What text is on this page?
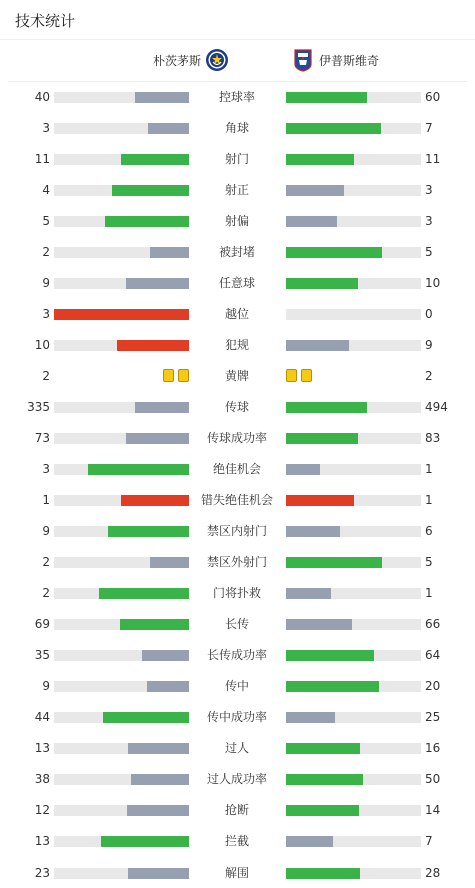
技术统计
朴茨茅斯	伊普斯维奇
40	控球率	60
3	角球	7
11	射门	11
4	射正	3
5	射偏	3
2	被封堵	5
9	任意球	10
3	越位	0
10	犯规	9
2	黄牌	2
335	传球	494
73	传球成功率	83
3	绝佳机会	1
1	错失绝佳机会	1
9	禁区内射门	6
2	禁区外射门	5
2	门将扑救	1
69	长传	66
35	长传成功率	64
9	传中	20
44	传中成功率	25
13	过人	16
38	过人成功率	50
12	抢断	14
13	拦截	7
23	解围	28
